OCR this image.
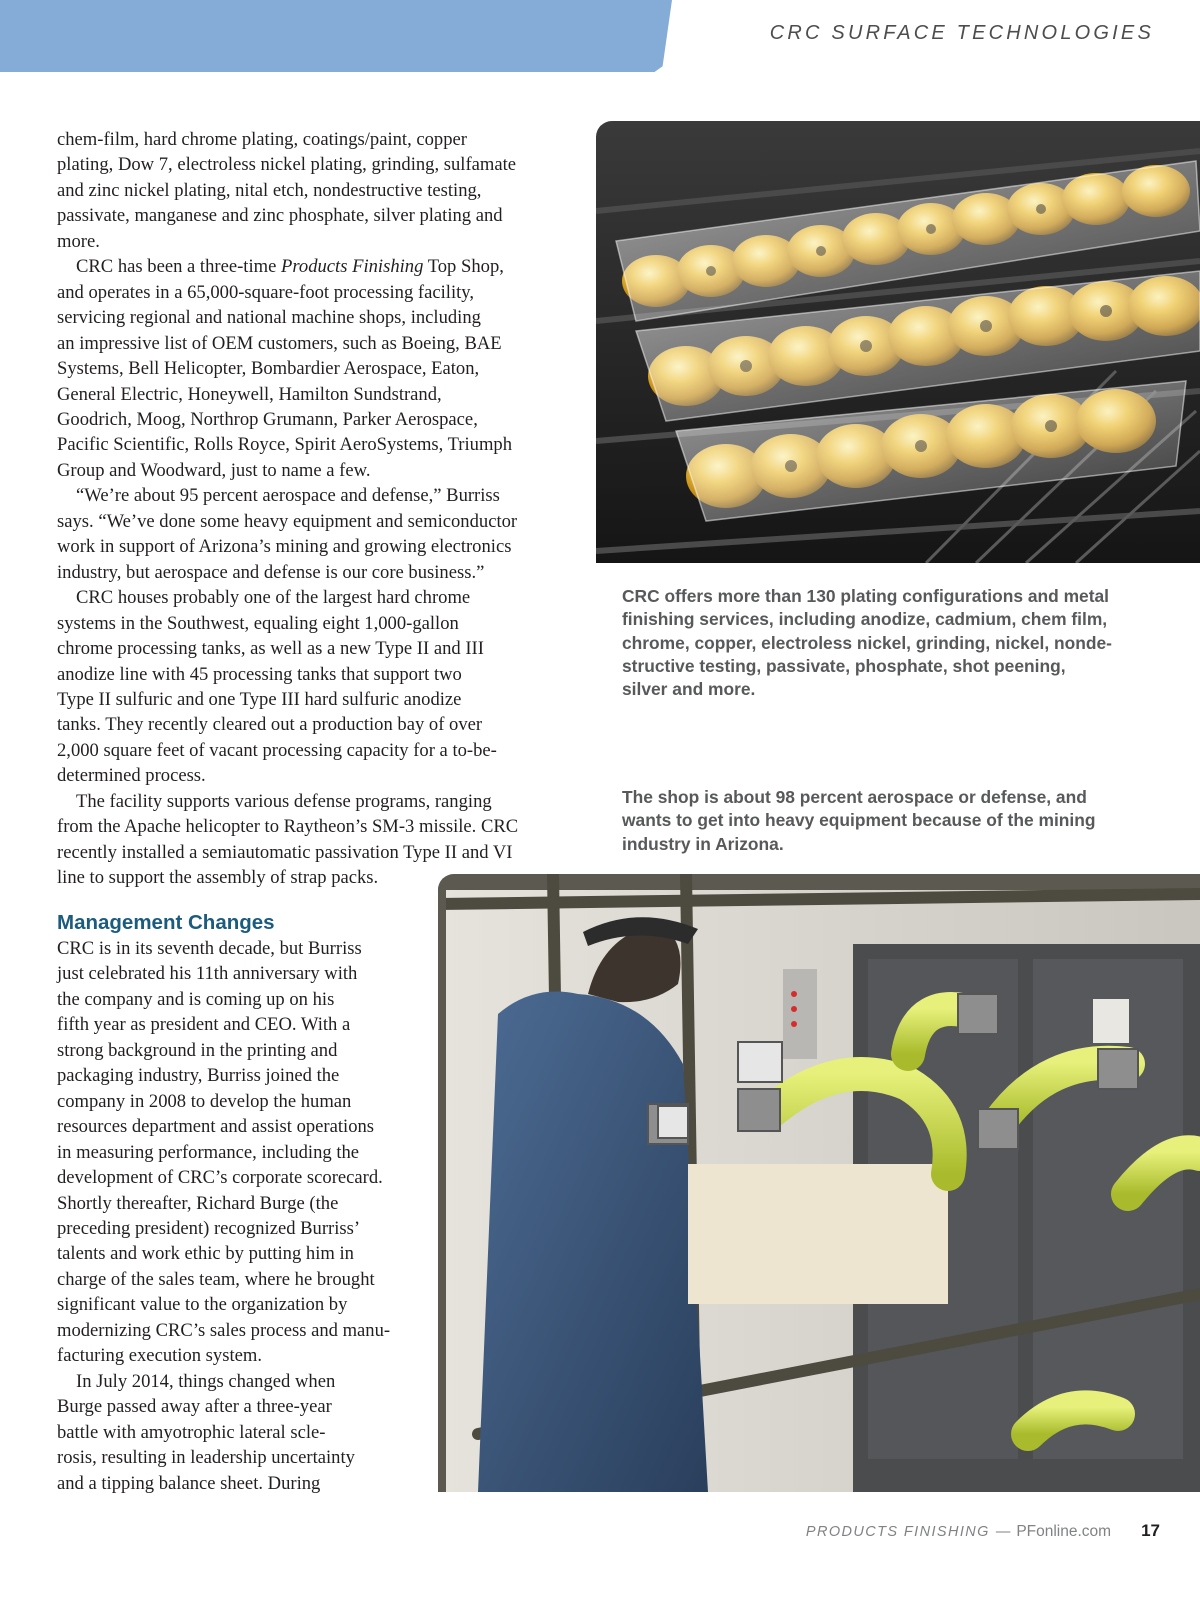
CRC SURFACE TECHNOLOGIES

chem-film, hard chrome plating, coatings/paint, copper
plating, Dow 7, electroless nickel plating, grinding, sulfamate
and zinc nickel plating, nital etch, nondestructive testing,
passivate, manganese and zinc phosphate, silver plating and
more.

CRC has been a three-time Products Finishing Top Shop,
and operates in a 65,000-square-foot processing facility,
servicing regional and national machine shops, including
an impressive list of OEM customers, such as Boeing, BAE
Systems, Bell Helicopter, Bombardier Aerospace, Eaton,
General Electric, Honeywell, Hamilton Sundstrand,
Goodrich, Moog, Northrop Grumann, Parker Aerospace,
Pacific Scientific, Rolls Royce, Spirit AeroSystems, Triumph
Group and Woodward, just to name a few.

“We’re about 95 percent aerospace and defense,” Burriss
says. “We’ve done some heavy equipment and semiconductor
work in support of Arizona’s mining and growing electronics
industry, but aerospace and defense is our core business.”

CRC houses probably one of the largest hard chrome
systems in the Southwest, equaling eight 1,000-gallon
chrome processing tanks, as well as a new Type II and III
anodize line with 45 processing tanks that support two
Type II sulfuric and one Type III hard sulfuric anodize
tanks. They recently cleared out a production bay of over
2,000 square feet of vacant processing capacity for a to-be-
determined process.

The facility supports various defense programs, ranging
from the Apache helicopter to Raytheon’s SM-3 missile. CRC
recently installed a semiautomatic passivation Type II and VI
line to support the assembly of strap packs.

Management Changes

CRC is in its seventh decade, but Burriss
just celebrated his 11th anniversary with
the company and is coming up on his
fifth year as president and CEO. With a
strong background in the printing and
packaging industry, Burriss joined the
company in 2008 to develop the human
resources department and assist operations
in measuring performance, including the
development of CRC’s corporate scorecard.
Shortly thereafter, Richard Burge (the
preceding president) recognized Burriss’
talents and work ethic by putting him in
charge of the sales team, where he brought
significant value to the organization by
modernizing CRC’s sales process and manu-
facturing execution system.

In July 2014, things changed when
Burge passed away after a three-year
battle with amyotrophic lateral scle-
rosis, resulting in leadership uncertainty
and a tipping balance sheet. During

CRC offers more than 130 plating configurations and metal
finishing services, including anodize, cadmium, chem film,
chrome, copper, electroless nickel, grinding, nickel, nonde-
structive testing, passivate, phosphate, shot peening,
silver and more.

The shop is about 98 percent aerospace or defense, and
wants to get into heavy equipment because of the mining
industry in Arizona.

PRODUCTS FINISHING — PFonline.com 17
